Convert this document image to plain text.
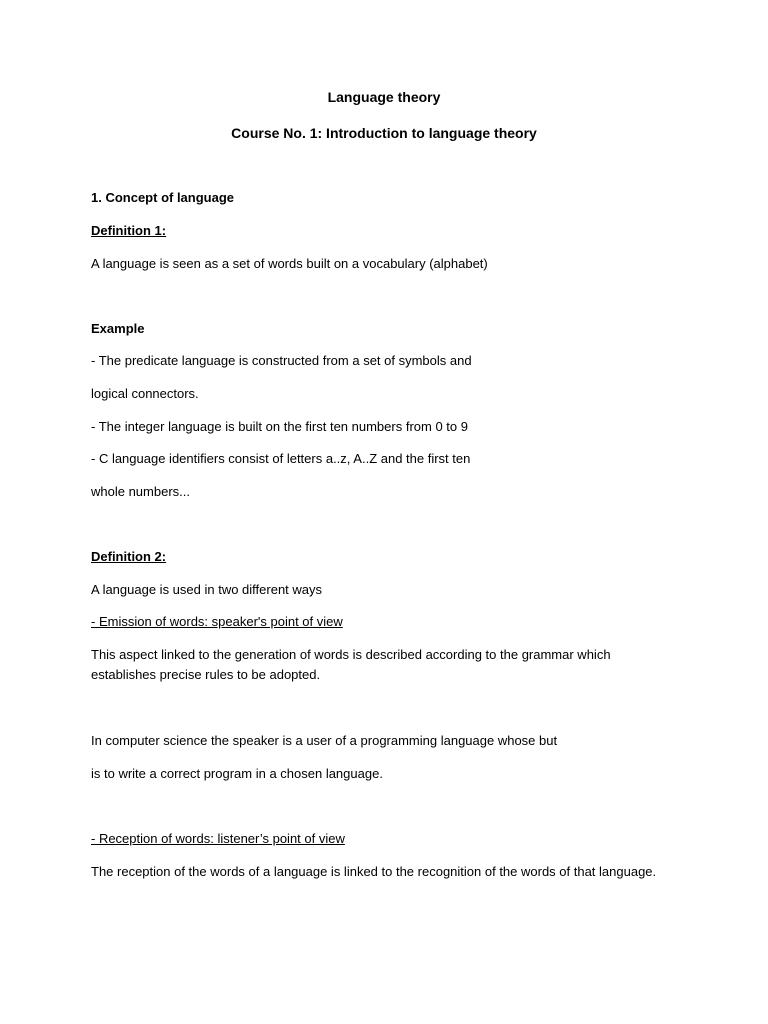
Language theory
Course No. 1: Introduction to language theory
1. Concept of language
Definition 1:
A language is seen as a set of words built on a vocabulary (alphabet)
Example
- The predicate language is constructed from a set of symbols and
logical connectors.
- The integer language is built on the first ten numbers from 0 to 9
- C language identifiers consist of letters a..z, A..Z and the first ten
whole numbers...
Definition 2:
A language is used in two different ways
- Emission of words: speaker's point of view
This aspect linked to the generation of words is described according to the grammar which establishes precise rules to be adopted.
In computer science the speaker is a user of a programming language whose but
is to write a correct program in a chosen language.
- Reception of words: listener’s point of view
The reception of the words of a language is linked to the recognition of the words of that language.
